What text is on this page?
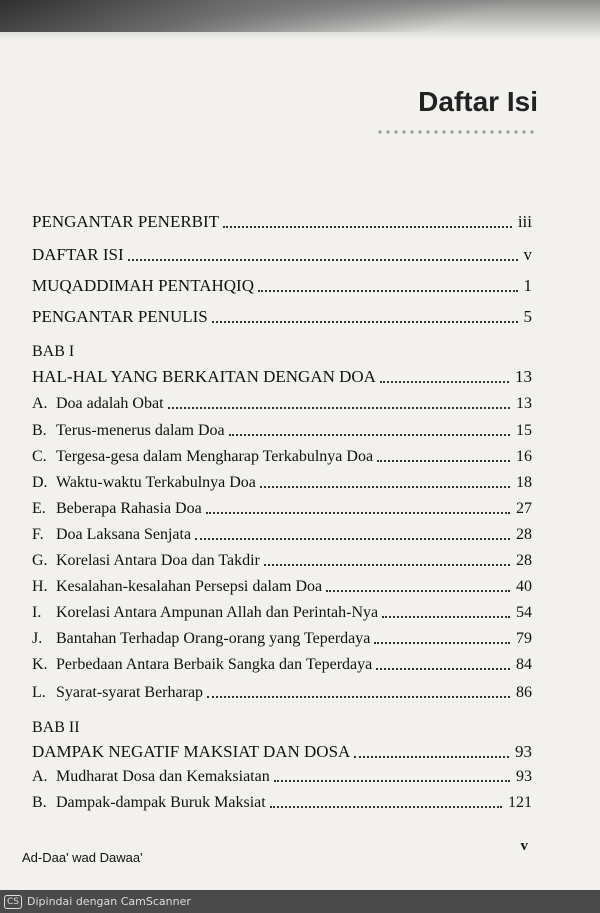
Daftar Isi
PENGANTAR PENERBIT	iii
DAFTAR ISI	v
MUQADDIMAH PENTAHQIQ	1
PENGANTAR PENULIS	5
BAB I
HAL-HAL YANG BERKAITAN DENGAN DOA	13
A. Doa adalah Obat	13
B. Terus-menerus dalam Doa	15
C. Tergesa-gesa dalam Mengharap Terkabulnya Doa	16
D. Waktu-waktu Terkabulnya Doa	18
E. Beberapa Rahasia Doa	27
F. Doa Laksana Senjata	28
G. Korelasi Antara Doa dan Takdir	28
H. Kesalahan-kesalahan Persepsi dalam Doa	40
I. Korelasi Antara Ampunan Allah dan Perintah-Nya	54
J. Bantahan Terhadap Orang-orang yang Teperdaya	79
K. Perbedaan Antara Berbaik Sangka dan Teperdaya	84
L. Syarat-syarat Berharap	86
BAB II
DAMPAK NEGATIF MAKSIAT DAN DOSA	93
A. Mudharat Dosa dan Kemaksiatan	93
B. Dampak-dampak Buruk Maksiat	121
v
Ad-Daa' wad Dawaa'
CS Dipindai dengan CamScanner
